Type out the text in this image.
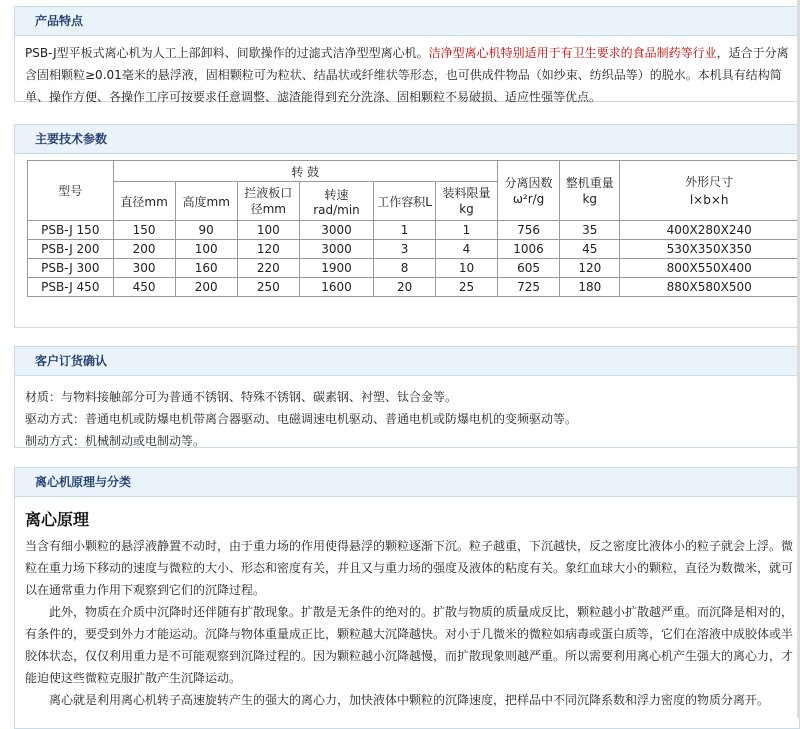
产品特点
PSB-J型平板式离心机为人工上部卸料、间歇操作的过滤式洁净型型离心机。洁净型离心机特别适用于有卫生要求的食品制药等行业，适合于分离含固相颗粒≥0.01毫米的悬浮液，固相颗粒可为粒状、结晶状或纤维状等形态，也可供成件物品（如纱束、纺织品等）的脱水。本机具有结构简单、操作方便、各操作工序可按要求任意调整、滤渣能得到充分洗涤、固相颗粒不易破损、适应性强等优点。
主要技术参数
型号	转 鼓						分离因数ω²r/g	整机重量kg	外形尺寸
l×b×h
	直径mm	高度mm	拦液板口径mm	转速rad/min	工作容积L	装料限量kg			
PSB-J 150	150	90	100	3000	1	1	756	35	400X280X240
PSB-J 200	200	100	120	3000	3	4	1006	45	530X350X350
PSB-J 300	300	160	220	1900	8	10	605	120	800X550X400
PSB-J 450	450	200	250	1600	20	25	725	180	880X580X500
客户订货确认
材质：与物料接触部分可为普通不锈钢、特殊不锈钢、碳素钢、衬塑、钛合金等。
驱动方式：普通电机或防爆电机带离合器驱动、电磁调速电机驱动、普通电机或防爆电机的变频驱动等。
制动方式：机械制动或电制动等。
离心机原理与分类
离心原理
当含有细小颗粒的悬浮液静置不动时，由于重力场的作用使得悬浮的颗粒逐渐下沉。粒子越重，下沉越快，反之密度比液体小的粒子就会上浮。微粒在重力场下移动的速度与微粒的大小、形态和密度有关，并且又与重力场的强度及液体的粘度有关。象红血球大小的颗粒，直径为数微米，就可以在通常重力作用下观察到它们的沉降过程。
此外，物质在介质中沉降时还伴随有扩散现象。扩散是无条件的绝对的。扩散与物质的质量成反比，颗粒越小扩散越严重。而沉降是相对的，有条件的，要受到外力才能运动。沉降与物体重量成正比，颗粒越大沉降越快。对小于几微米的微粒如病毒或蛋白质等，它们在溶液中成胶体或半胶体状态，仅仅利用重力是不可能观察到沉降过程的。因为颗粒越小沉降越慢，而扩散现象则越严重。所以需要利用离心机产生强大的离心力，才能迫使这些微粒克服扩散产生沉降运动。
离心就是利用离心机转子高速旋转产生的强大的离心力，加快液体中颗粒的沉降速度，把样品中不同沉降系数和浮力密度的物质分离开。
